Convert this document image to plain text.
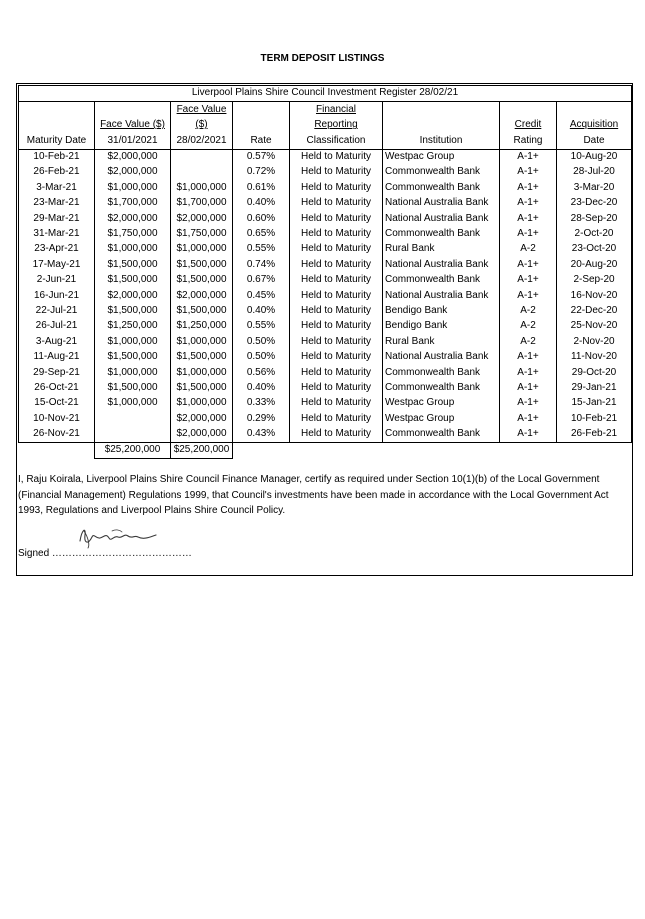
TERM DEPOSIT LISTINGS
Liverpool Plains Shire Council Investment Register 28/02/21							
		Face Value		Financial			
	Face Value ($)	($)		Reporting		Credit	Acquisition
Maturity Date	31/01/2021	28/02/2021	Rate	Classification	Institution	Rating	Date
10-Feb-21	$2,000,000		0.57%	Held to Maturity	Westpac Group	A-1+	10-Aug-20
26-Feb-21	$2,000,000		0.72%	Held to Maturity	Commonwealth Bank	A-1+	28-Jul-20
3-Mar-21	$1,000,000	$1,000,000	0.61%	Held to Maturity	Commonwealth Bank	A-1+	3-Mar-20
23-Mar-21	$1,700,000	$1,700,000	0.40%	Held to Maturity	National Australia Bank	A-1+	23-Dec-20
29-Mar-21	$2,000,000	$2,000,000	0.60%	Held to Maturity	National Australia Bank	A-1+	28-Sep-20
31-Mar-21	$1,750,000	$1,750,000	0.65%	Held to Maturity	Commonwealth Bank	A-1+	2-Oct-20
23-Apr-21	$1,000,000	$1,000,000	0.55%	Held to Maturity	Rural Bank	A-2	23-Oct-20
17-May-21	$1,500,000	$1,500,000	0.74%	Held to Maturity	National Australia Bank	A-1+	20-Aug-20
2-Jun-21	$1,500,000	$1,500,000	0.67%	Held to Maturity	Commonwealth Bank	A-1+	2-Sep-20
16-Jun-21	$2,000,000	$2,000,000	0.45%	Held to Maturity	National Australia Bank	A-1+	16-Nov-20
22-Jul-21	$1,500,000	$1,500,000	0.40%	Held to Maturity	Bendigo Bank	A-2	22-Dec-20
26-Jul-21	$1,250,000	$1,250,000	0.55%	Held to Maturity	Bendigo Bank	A-2	25-Nov-20
3-Aug-21	$1,000,000	$1,000,000	0.50%	Held to Maturity	Rural Bank	A-2	2-Nov-20
11-Aug-21	$1,500,000	$1,500,000	0.50%	Held to Maturity	National Australia Bank	A-1+	11-Nov-20
29-Sep-21	$1,000,000	$1,000,000	0.56%	Held to Maturity	Commonwealth Bank	A-1+	29-Oct-20
26-Oct-21	$1,500,000	$1,500,000	0.40%	Held to Maturity	Commonwealth Bank	A-1+	29-Jan-21
15-Oct-21	$1,000,000	$1,000,000	0.33%	Held to Maturity	Westpac Group	A-1+	15-Jan-21
10-Nov-21		$2,000,000	0.29%	Held to Maturity	Westpac Group	A-1+	10-Feb-21
26-Nov-21		$2,000,000	0.43%	Held to Maturity	Commonwealth Bank	A-1+	26-Feb-21
	$25,200,000	$25,200,000					
I, Raju Koirala, Liverpool Plains Shire Council Finance Manager, certify as required under Section 10(1)(b) of the Local Government (Financial Management) Regulations 1999, that Council's investments have been made in accordance with the Local Government Act 1993, Regulations and Liverpool Plains Shire Council Policy.
Signed ……………………………………
